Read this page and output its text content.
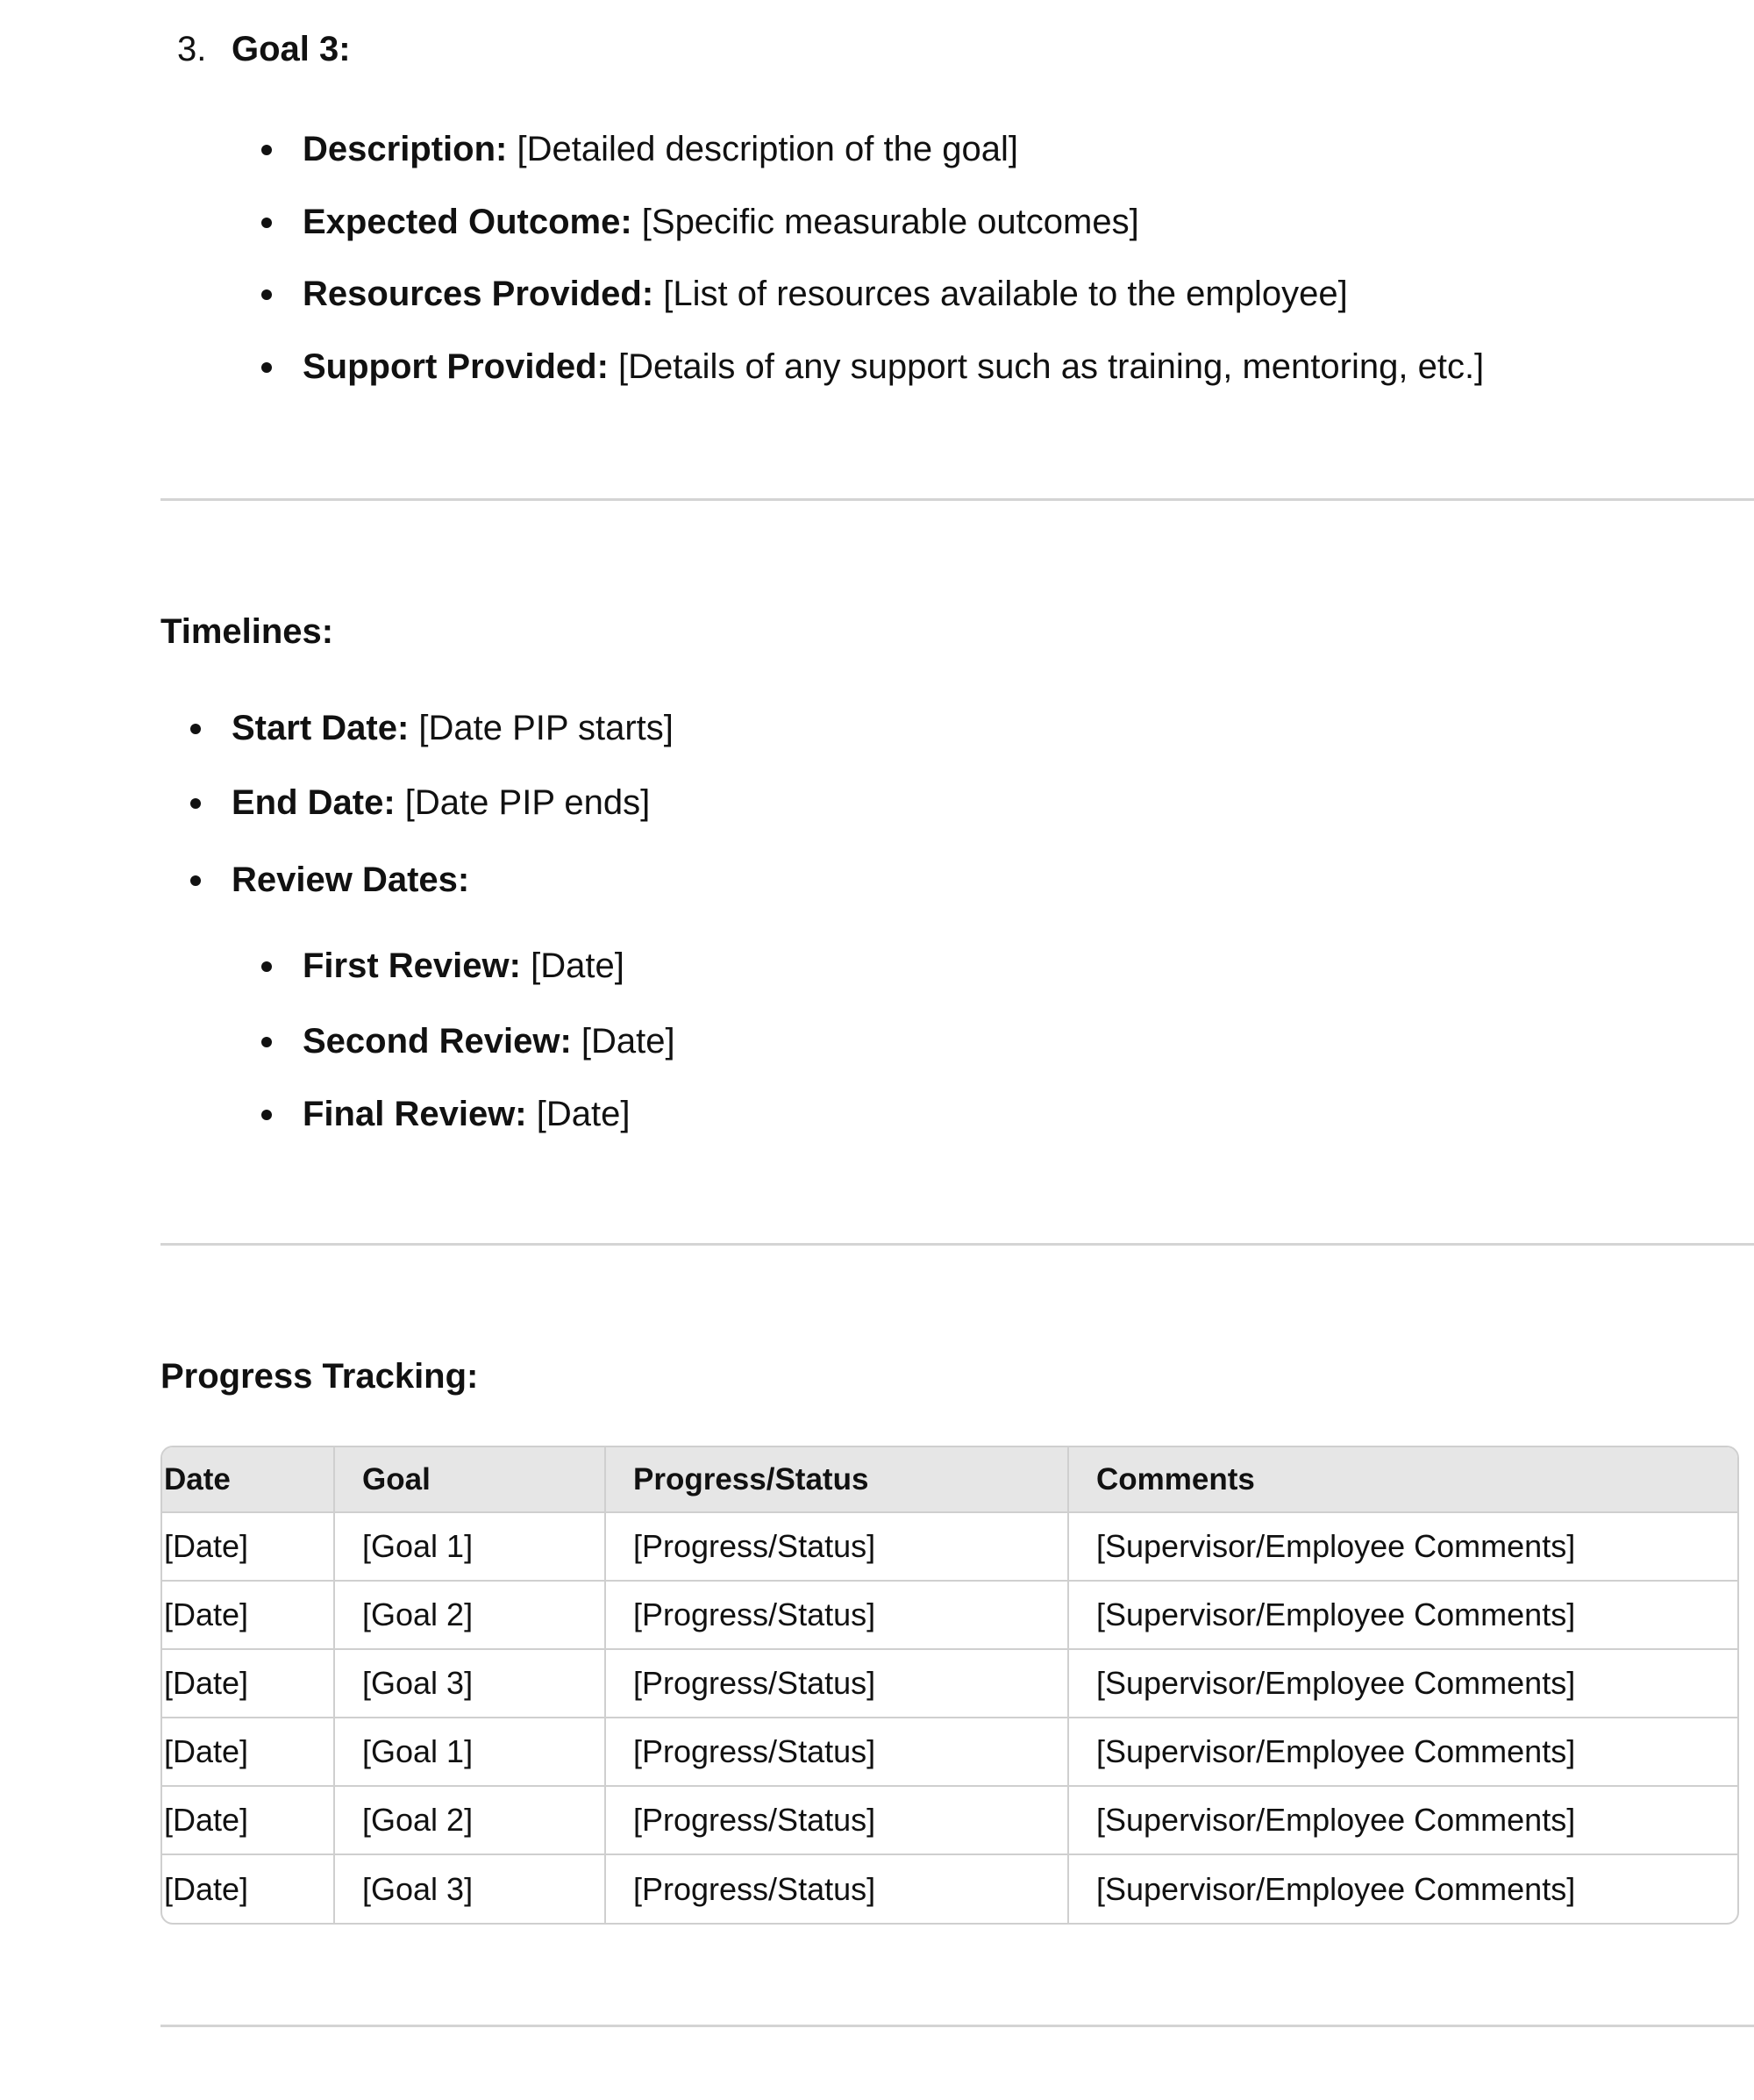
3. Goal 3:
Description: [Detailed description of the goal]
Expected Outcome: [Specific measurable outcomes]
Resources Provided: [List of resources available to the employee]
Support Provided: [Details of any support such as training, mentoring, etc.]
Timelines:
Start Date: [Date PIP starts]
End Date: [Date PIP ends]
Review Dates:
First Review: [Date]
Second Review: [Date]
Final Review: [Date]
Progress Tracking:
Date	Goal	Progress/Status	Comments
[Date]	[Goal 1]	[Progress/Status]	[Supervisor/Employee Comments]
[Date]	[Goal 2]	[Progress/Status]	[Supervisor/Employee Comments]
[Date]	[Goal 3]	[Progress/Status]	[Supervisor/Employee Comments]
[Date]	[Goal 1]	[Progress/Status]	[Supervisor/Employee Comments]
[Date]	[Goal 2]	[Progress/Status]	[Supervisor/Employee Comments]
[Date]	[Goal 3]	[Progress/Status]	[Supervisor/Employee Comments]
